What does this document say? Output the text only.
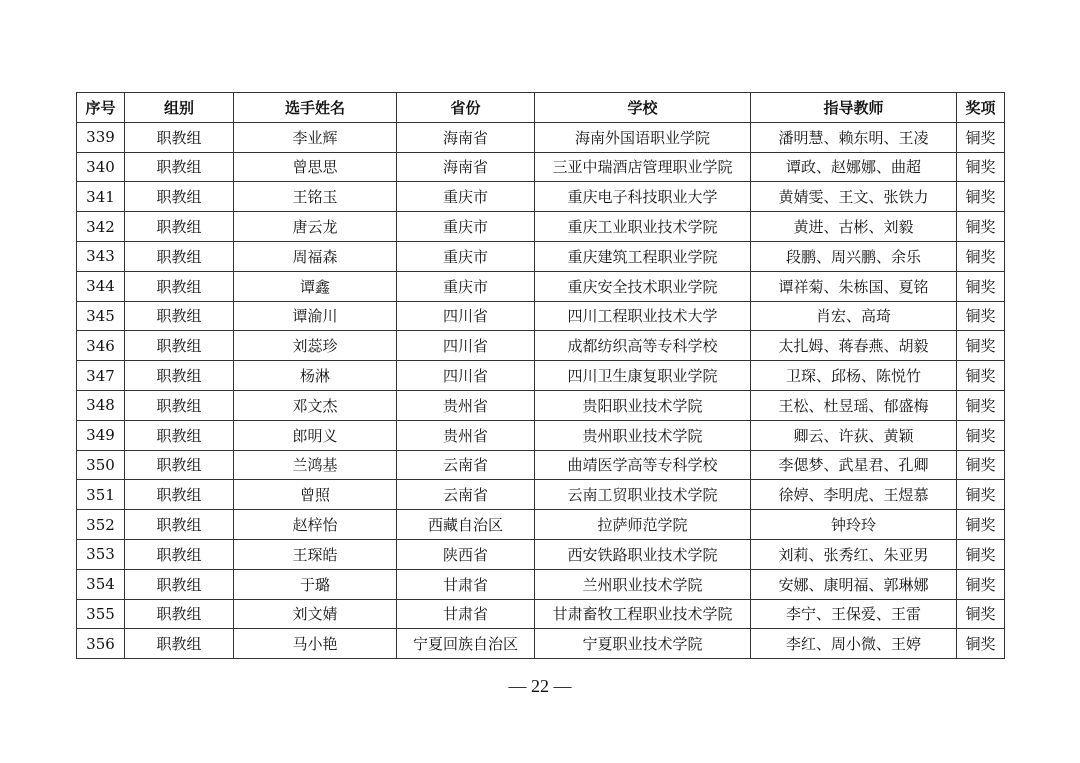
序号	组别	选手姓名	省份	学校	指导教师	奖项
339	职教组	李业辉	海南省	海南外国语职业学院	潘明慧、赖东明、王凌	铜奖
340	职教组	曾思思	海南省	三亚中瑞酒店管理职业学院	谭政、赵娜娜、曲超	铜奖
341	职教组	王铭玉	重庆市	重庆电子科技职业大学	黄婧雯、王文、张铁力	铜奖
342	职教组	唐云龙	重庆市	重庆工业职业技术学院	黄进、古彬、刘毅	铜奖
343	职教组	周福森	重庆市	重庆建筑工程职业学院	段鹏、周兴鹏、余乐	铜奖
344	职教组	谭鑫	重庆市	重庆安全技术职业学院	谭祥菊、朱栋国、夏铭	铜奖
345	职教组	谭渝川	四川省	四川工程职业技术大学	肖宏、高琦	铜奖
346	职教组	刘蕊珍	四川省	成都纺织高等专科学校	太扎姆、蒋春燕、胡毅	铜奖
347	职教组	杨淋	四川省	四川卫生康复职业学院	卫琛、邱杨、陈悦竹	铜奖
348	职教组	邓文杰	贵州省	贵阳职业技术学院	王松、杜昱瑶、郁盛梅	铜奖
349	职教组	郎明义	贵州省	贵州职业技术学院	卿云、许荻、黄颖	铜奖
350	职教组	兰鸿基	云南省	曲靖医学高等专科学校	李偲梦、武星君、孔卿	铜奖
351	职教组	曾照	云南省	云南工贸职业技术学院	徐婷、李明虎、王煜慕	铜奖
352	职教组	赵梓怡	西藏自治区	拉萨师范学院	钟玲玲	铜奖
353	职教组	王琛皓	陕西省	西安铁路职业技术学院	刘莉、张秀红、朱亚男	铜奖
354	职教组	于璐	甘肃省	兰州职业技术学院	安娜、康明福、郭琳娜	铜奖
355	职教组	刘文婧	甘肃省	甘肃畜牧工程职业技术学院	李宁、王保爱、王雷	铜奖
356	职教组	马小艳	宁夏回族自治区	宁夏职业技术学院	李红、周小微、王婷	铜奖
— 22 —
